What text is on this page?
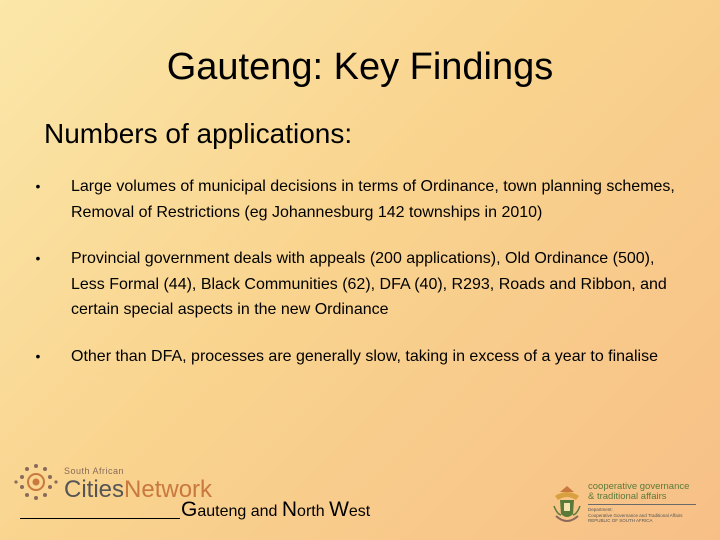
Gauteng: Key Findings
Numbers of applications:
•	Large volumes of municipal decisions in terms of Ordinance, town planning schemes, Removal of Restrictions (eg Johannesburg 142 townships in 2010)
•	Provincial government deals with appeals (200 applications), Old Ordinance (500), Less Formal (44), Black Communities (62), DFA (40), R293, Roads and Ribbon, and certain special aspects in the new Ordinance
•	Other than DFA, processes are generally slow, taking in excess of a year to finalise
South African
CitiesNetwork
Gauteng and North West
cooperative governance
& traditional affairs
Department:
Cooperative Governance and Traditional Affairs
REPUBLIC OF SOUTH AFRICA
